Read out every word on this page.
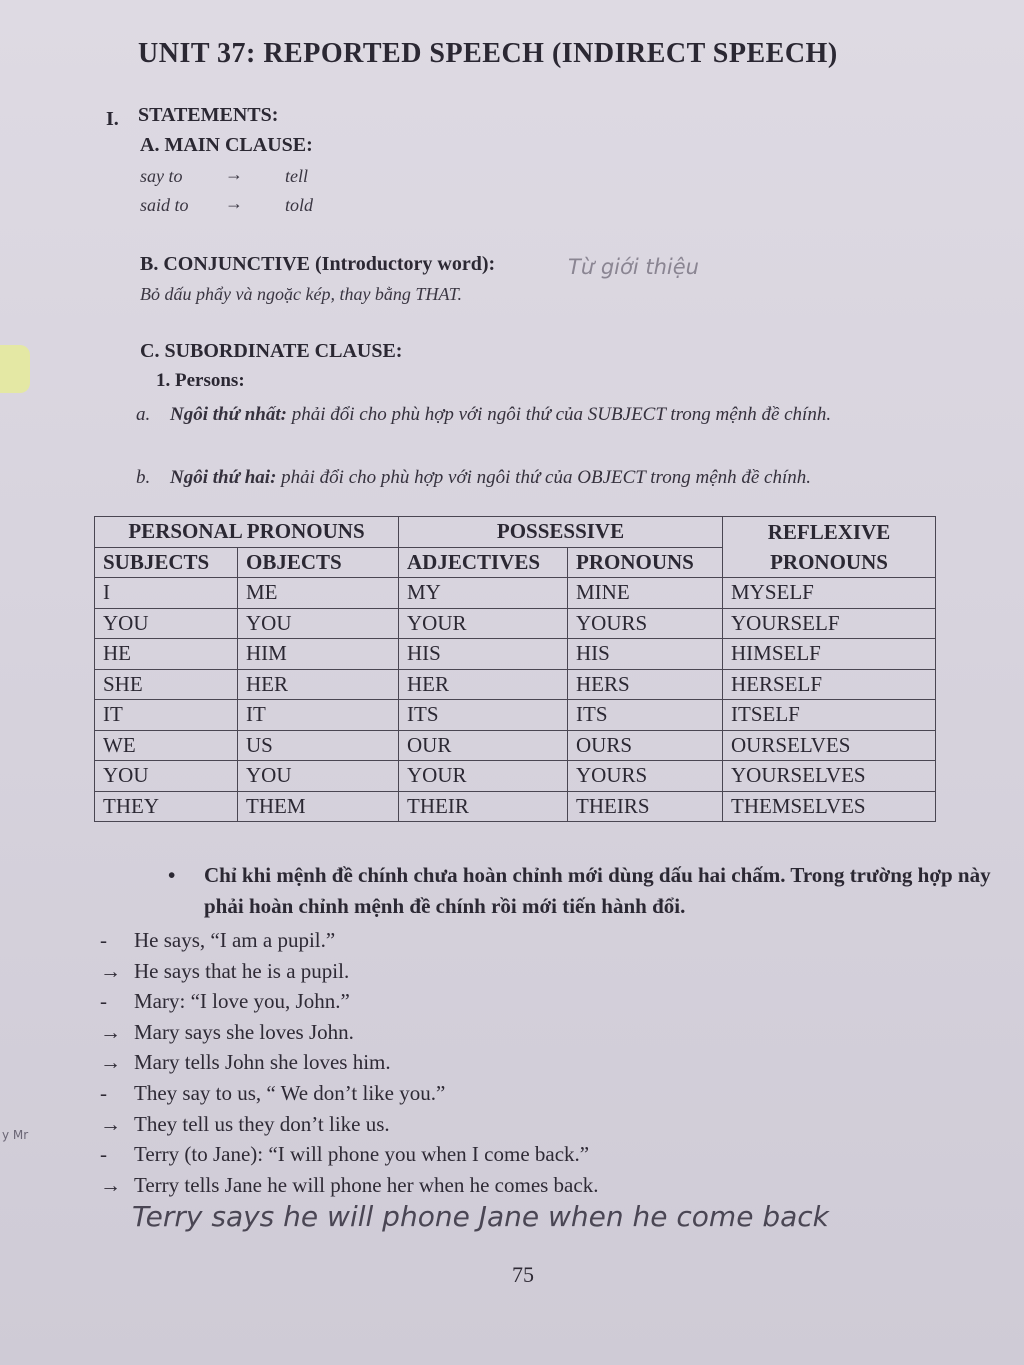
UNIT 37: REPORTED SPEECH (INDIRECT SPEECH)
I. STATEMENTS:
A. MAIN CLAUSE:
say to → tell
said to → told
B. CONJUNCTIVE (Introductory word):	Từ giới thiệu
Bỏ dấu phẩy và ngoặc kép, thay bằng THAT.
C. SUBORDINATE CLAUSE:
1. Persons:
a. Ngôi thứ nhất: phải đổi cho phù hợp với ngôi thứ của SUBJECT trong mệnh đề chính.
b. Ngôi thứ hai: phải đổi cho phù hợp với ngôi thứ của OBJECT trong mệnh đề chính.
PERSONAL PRONOUNS		POSSESSIVE		REFLEXIVE PRONOUNS
SUBJECTS	OBJECTS	ADJECTIVES	PRONOUNS	
I	ME	MY	MINE	MYSELF
YOU	YOU	YOUR	YOURS	YOURSELF
HE	HIM	HIS	HIS	HIMSELF
SHE	HER	HER	HERS	HERSELF
IT	IT	ITS	ITS	ITSELF
WE	US	OUR	OURS	OURSELVES
YOU	YOU	YOUR	YOURS	YOURSELVES
THEY	THEM	THEIR	THEIRS	THEMSELVES
• Chỉ khi mệnh đề chính chưa hoàn chỉnh mới dùng dấu hai chấm. Trong trường hợp này phải hoàn chỉnh mệnh đề chính rồi mới tiến hành đổi.
- He says, “I am a pupil.”
→ He says that he is a pupil.
- Mary: “I love you, John.”
→ Mary says she loves John.
→ Mary tells John she loves him.
- They say to us, “ We don’t like you.”
→ They tell us they don’t like us.
- Terry (to Jane): “I will phone you when I come back.”
→ Terry tells Jane he will phone her when he comes back.
Terry says he will phone Jane when he come back
75
y Mr
